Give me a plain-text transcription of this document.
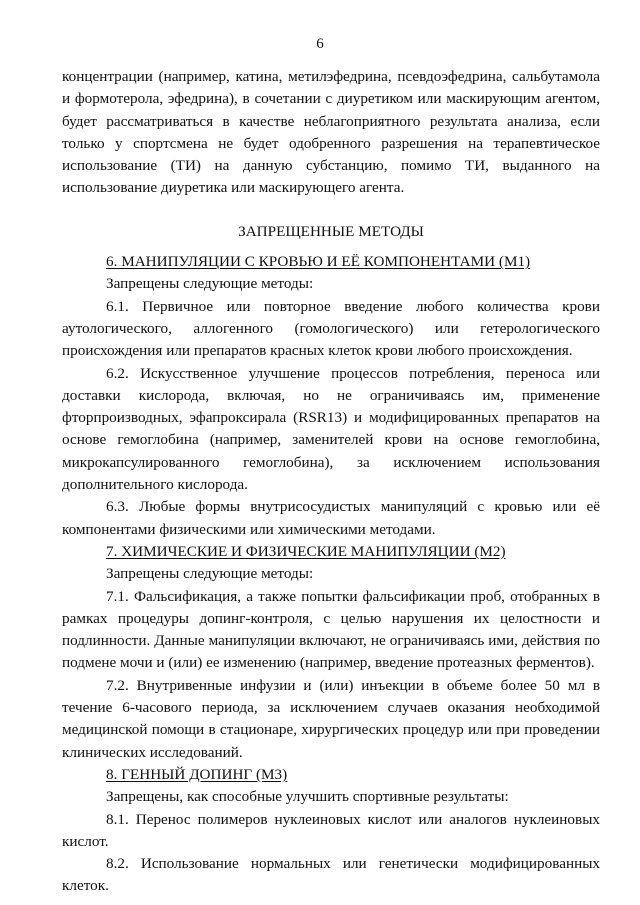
6

концентрации (например, катина, метилэфедрина, псевдоэфедрина, сальбутамола и формотерола, эфедрина), в сочетании с диуретиком или маскирующим агентом, будет рассматриваться в качестве неблагоприятного результата анализа, если только у спортсмена не будет одобренного разрешения на терапевтическое использование (ТИ) на данную субстанцию, помимо ТИ, выданного на использование диуретика или маскирующего агента.

ЗАПРЕЩЕННЫЕ МЕТОДЫ

6. МАНИПУЛЯЦИИ С КРОВЬЮ И ЕЁ КОМПОНЕНТАМИ (M1)

Запрещены следующие методы:

6.1. Первичное или повторное введение любого количества крови аутологического, аллогенного (гомологического) или гетерологического происхождения или препаратов красных клеток крови любого происхождения.

6.2. Искусственное улучшение процессов потребления, переноса или доставки кислорода, включая, но не ограничиваясь им, применение фторпроизводных, эфапроксирала (RSR13) и модифицированных препаратов на основе гемоглобина (например, заменителей крови на основе гемоглобина, микрокапсулированного гемоглобина), за исключением использования дополнительного кислорода.

6.3. Любые формы внутрисосудистых манипуляций с кровью или её компонентами физическими или химическими методами.

7. ХИМИЧЕСКИЕ И ФИЗИЧЕСКИЕ МАНИПУЛЯЦИИ (M2)

Запрещены следующие методы:

7.1. Фальсификация, а также попытки фальсификации проб, отобранных в рамках процедуры допинг-контроля, с целью нарушения их целостности и подлинности. Данные манипуляции включают, не ограничиваясь ими, действия по подмене мочи и (или) ее изменению (например, введение протеазных ферментов).

7.2. Внутривенные инфузии и (или) инъекции в объеме более 50 мл в течение 6-часового периода, за исключением случаев оказания необходимой медицинской помощи в стационаре, хирургических процедур или при проведении клинических исследований.

8. ГЕННЫЙ ДОПИНГ (M3)

Запрещены, как способные улучшить спортивные результаты:

8.1. Перенос полимеров нуклеиновых кислот или аналогов нуклеиновых кислот.

8.2. Использование нормальных или генетически модифицированных клеток.
